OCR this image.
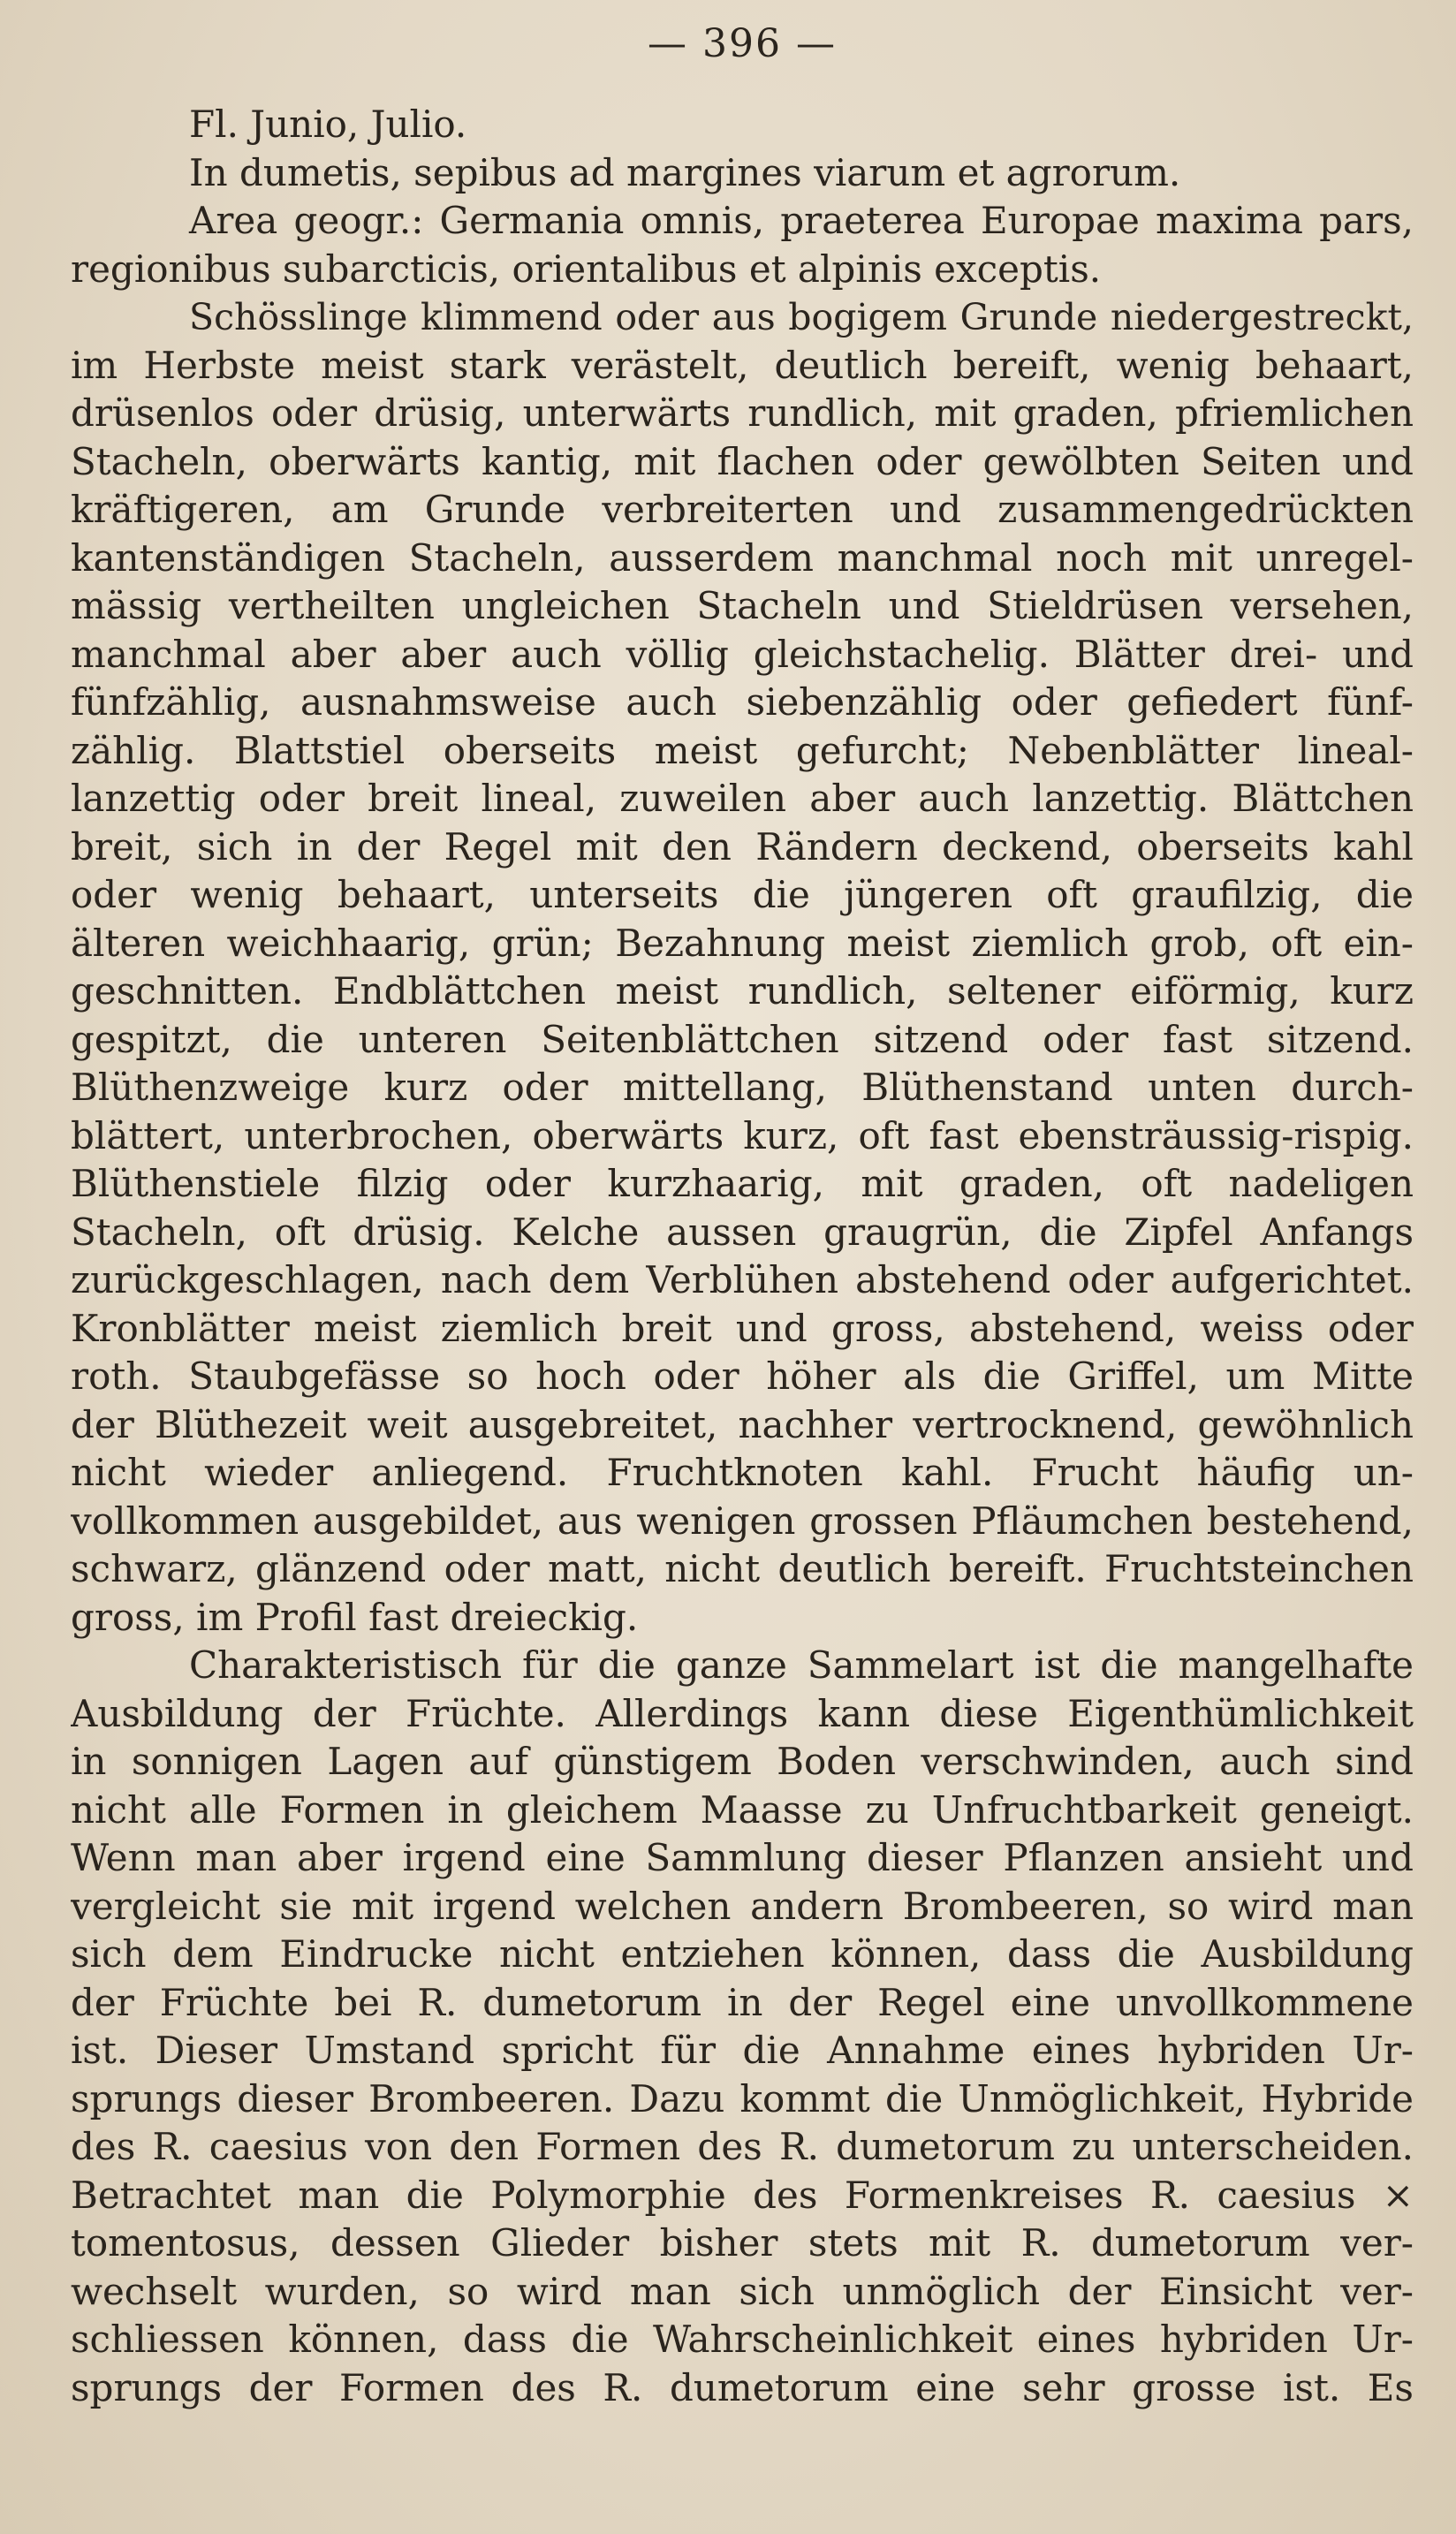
— 396 —
Fl. Junio, Julio.
In dumetis, sepibus ad margines viarum et agrorum.
Area geogr.: Germania omnis, praeterea Europae maxima pars,
regionibus subarcticis, orientalibus et alpinis exceptis.
Schösslinge klimmend oder aus bogigem Grunde niedergestreckt,
im Herbste meist stark verästelt, deutlich bereift, wenig behaart,
drüsenlos oder drüsig, unterwärts rundlich, mit graden, pfriemlichen
Stacheln, oberwärts kantig, mit flachen oder gewölbten Seiten und
kräftigeren, am Grunde verbreiterten und zusammengedrückten
kantenständigen Stacheln, ausserdem manchmal noch mit unregel-
mässig vertheilten ungleichen Stacheln und Stieldrüsen versehen,
manchmal aber aber auch völlig gleichstachelig. Blätter drei- und
fünfzählig, ausnahmsweise auch siebenzählig oder gefiedert fünf-
zählig. Blattstiel oberseits meist gefurcht; Nebenblätter lineal-
lanzettig oder breit lineal, zuweilen aber auch lanzettig. Blättchen
breit, sich in der Regel mit den Rändern deckend, oberseits kahl
oder wenig behaart, unterseits die jüngeren oft graufilzig, die
älteren weichhaarig, grün; Bezahnung meist ziemlich grob, oft ein-
geschnitten. Endblättchen meist rundlich, seltener eiförmig, kurz
gespitzt, die unteren Seitenblättchen sitzend oder fast sitzend.
Blüthenzweige kurz oder mittellang, Blüthenstand unten durch-
blättert, unterbrochen, oberwärts kurz, oft fast ebensträussig-rispig.
Blüthenstiele filzig oder kurzhaarig, mit graden, oft nadeligen
Stacheln, oft drüsig. Kelche aussen graugrün, die Zipfel Anfangs
zurückgeschlagen, nach dem Verblühen abstehend oder aufgerichtet.
Kronblätter meist ziemlich breit und gross, abstehend, weiss oder
roth. Staubgefässe so hoch oder höher als die Griffel, um Mitte
der Blüthezeit weit ausgebreitet, nachher vertrocknend, gewöhnlich
nicht wieder anliegend. Fruchtknoten kahl. Frucht häufig un-
vollkommen ausgebildet, aus wenigen grossen Pfläumchen bestehend,
schwarz, glänzend oder matt, nicht deutlich bereift. Fruchtsteinchen
gross, im Profil fast dreieckig.
Charakteristisch für die ganze Sammelart ist die mangelhafte
Ausbildung der Früchte. Allerdings kann diese Eigenthümlichkeit
in sonnigen Lagen auf günstigem Boden verschwinden, auch sind
nicht alle Formen in gleichem Maasse zu Unfruchtbarkeit geneigt.
Wenn man aber irgend eine Sammlung dieser Pflanzen ansieht und
vergleicht sie mit irgend welchen andern Brombeeren, so wird man
sich dem Eindrucke nicht entziehen können, dass die Ausbildung
der Früchte bei R. dumetorum in der Regel eine unvollkommene
ist. Dieser Umstand spricht für die Annahme eines hybriden Ur-
sprungs dieser Brombeeren. Dazu kommt die Unmöglichkeit, Hybride
des R. caesius von den Formen des R. dumetorum zu unterscheiden.
Betrachtet man die Polymorphie des Formenkreises R. caesius ×
tomentosus, dessen Glieder bisher stets mit R. dumetorum ver-
wechselt wurden, so wird man sich unmöglich der Einsicht ver-
schliessen können, dass die Wahrscheinlichkeit eines hybriden Ur-
sprungs der Formen des R. dumetorum eine sehr grosse ist. Es
